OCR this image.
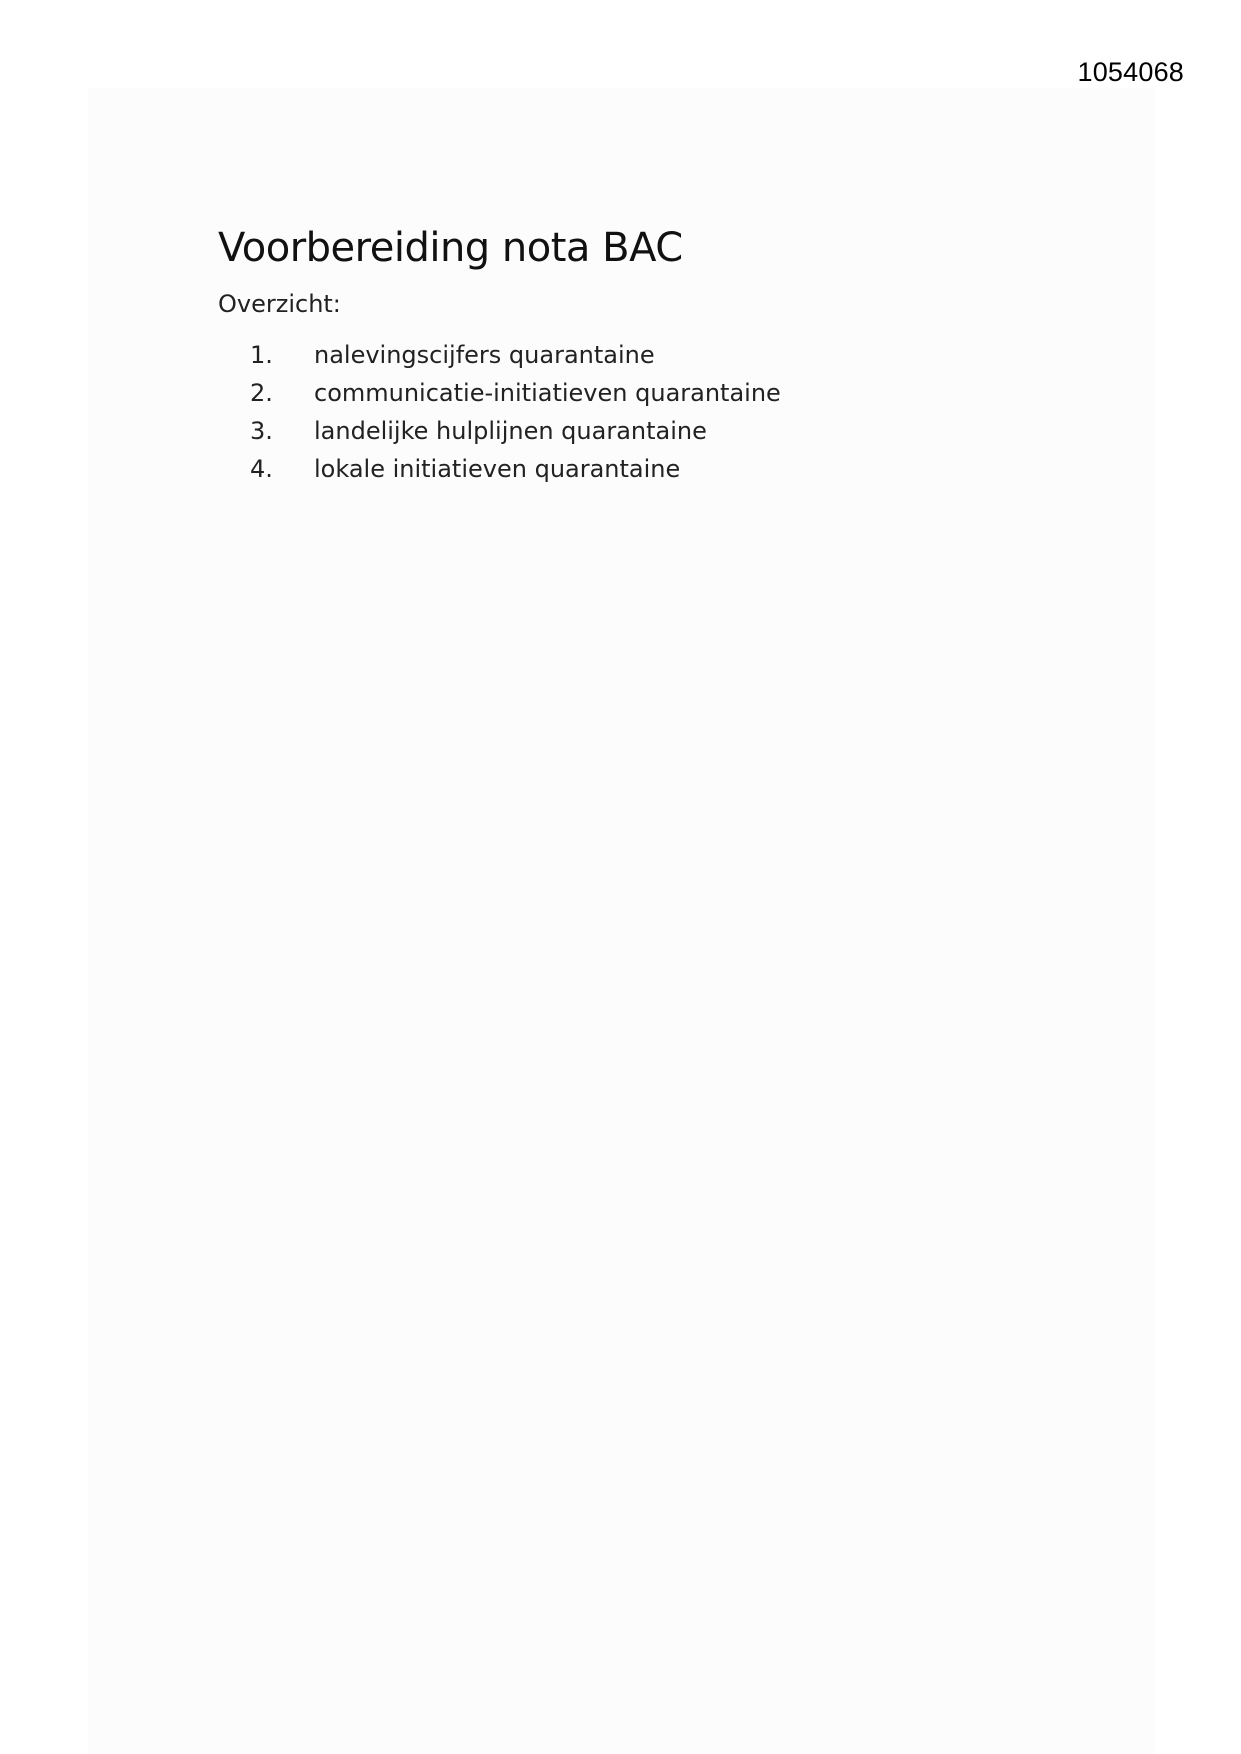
1054068
Voorbereiding nota BAC

Overzicht:

1.	nalevingscijfers quarantaine
2.	communicatie-initiatieven quarantaine
3.	landelijke hulplijnen quarantaine
4.	lokale initiatieven quarantaine
